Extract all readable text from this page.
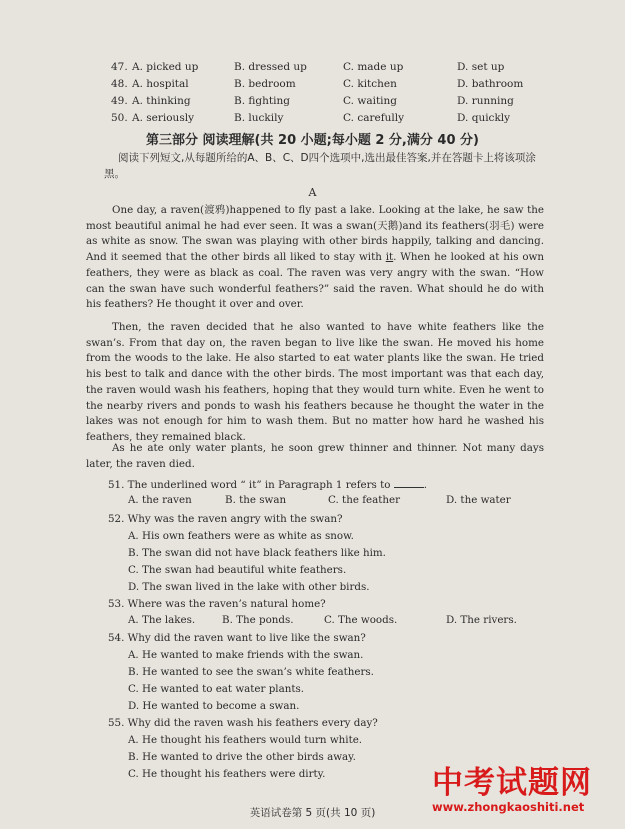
47. A. picked up	B. dressed up	C. made up	D. set up
48. A. hospital	B. bedroom	C. kitchen	D. bathroom
49. A. thinking	B. fighting	C. waiting	D. running
50. A. seriously	B. luckily	C. carefully	D. quickly
第三部分 阅读理解(共 20 小题;每小题 2 分,满分 40 分)
阅读下列短文,从每题所给的A、B、C、D四个选项中,选出最佳答案,并在答题卡上将该项涂黑。
A

One day, a raven(渡鸦)happened to fly past a lake. Looking at the lake, he saw the most beautiful animal he had ever seen. It was a swan(天鹅)and its feathers(羽毛) were as white as snow. The swan was playing with other birds happily, talking and dancing. And it seemed that the other birds all liked to stay with it. When he looked at his own feathers, they were as black as coal. The raven was very angry with the swan. “How can the swan have such wonderful feathers?” said the raven. What should he do with his feathers? He thought it over and over.

Then, the raven decided that he also wanted to have white feathers like the swan’s. From that day on, the raven began to live like the swan. He moved his home from the woods to the lake. He also started to eat water plants like the swan. He tried his best to talk and dance with the other birds. The most important was that each day, the raven would wash his feathers, hoping that they would turn white. Even he went to the nearby rivers and ponds to wash his feathers because he thought the water in the lakes was not enough for him to wash them. But no matter how hard he washed his feathers, they remained black.

As he ate only water plants, he soon grew thinner and thinner. Not many days later, the raven died.

51. The underlined word “ it” in Paragraph 1 refers to	.
A. the raven	B. the swan	C. the feather	D. the water
52. Why was the raven angry with the swan?
A. His own feathers were as white as snow.
B. The swan did not have black feathers like him.
C. The swan had beautiful white feathers.
D. The swan lived in the lake with other birds.
53. Where was the raven’s natural home?
A. The lakes.	B. The ponds.	C. The woods.	D. The rivers.
54. Why did the raven want to live like the swan?
A. He wanted to make friends with the swan.
B. He wanted to see the swan’s white feathers.
C. He wanted to eat water plants.
D. He wanted to become a swan.
55. Why did the raven wash his feathers every day?
A. He thought his feathers would turn white.
B. He wanted to drive the other birds away.
C. He thought his feathers were dirty.
英语试卷第 5 页(共 10 页)
中考试题网
www.zhongkaoshiti.net
